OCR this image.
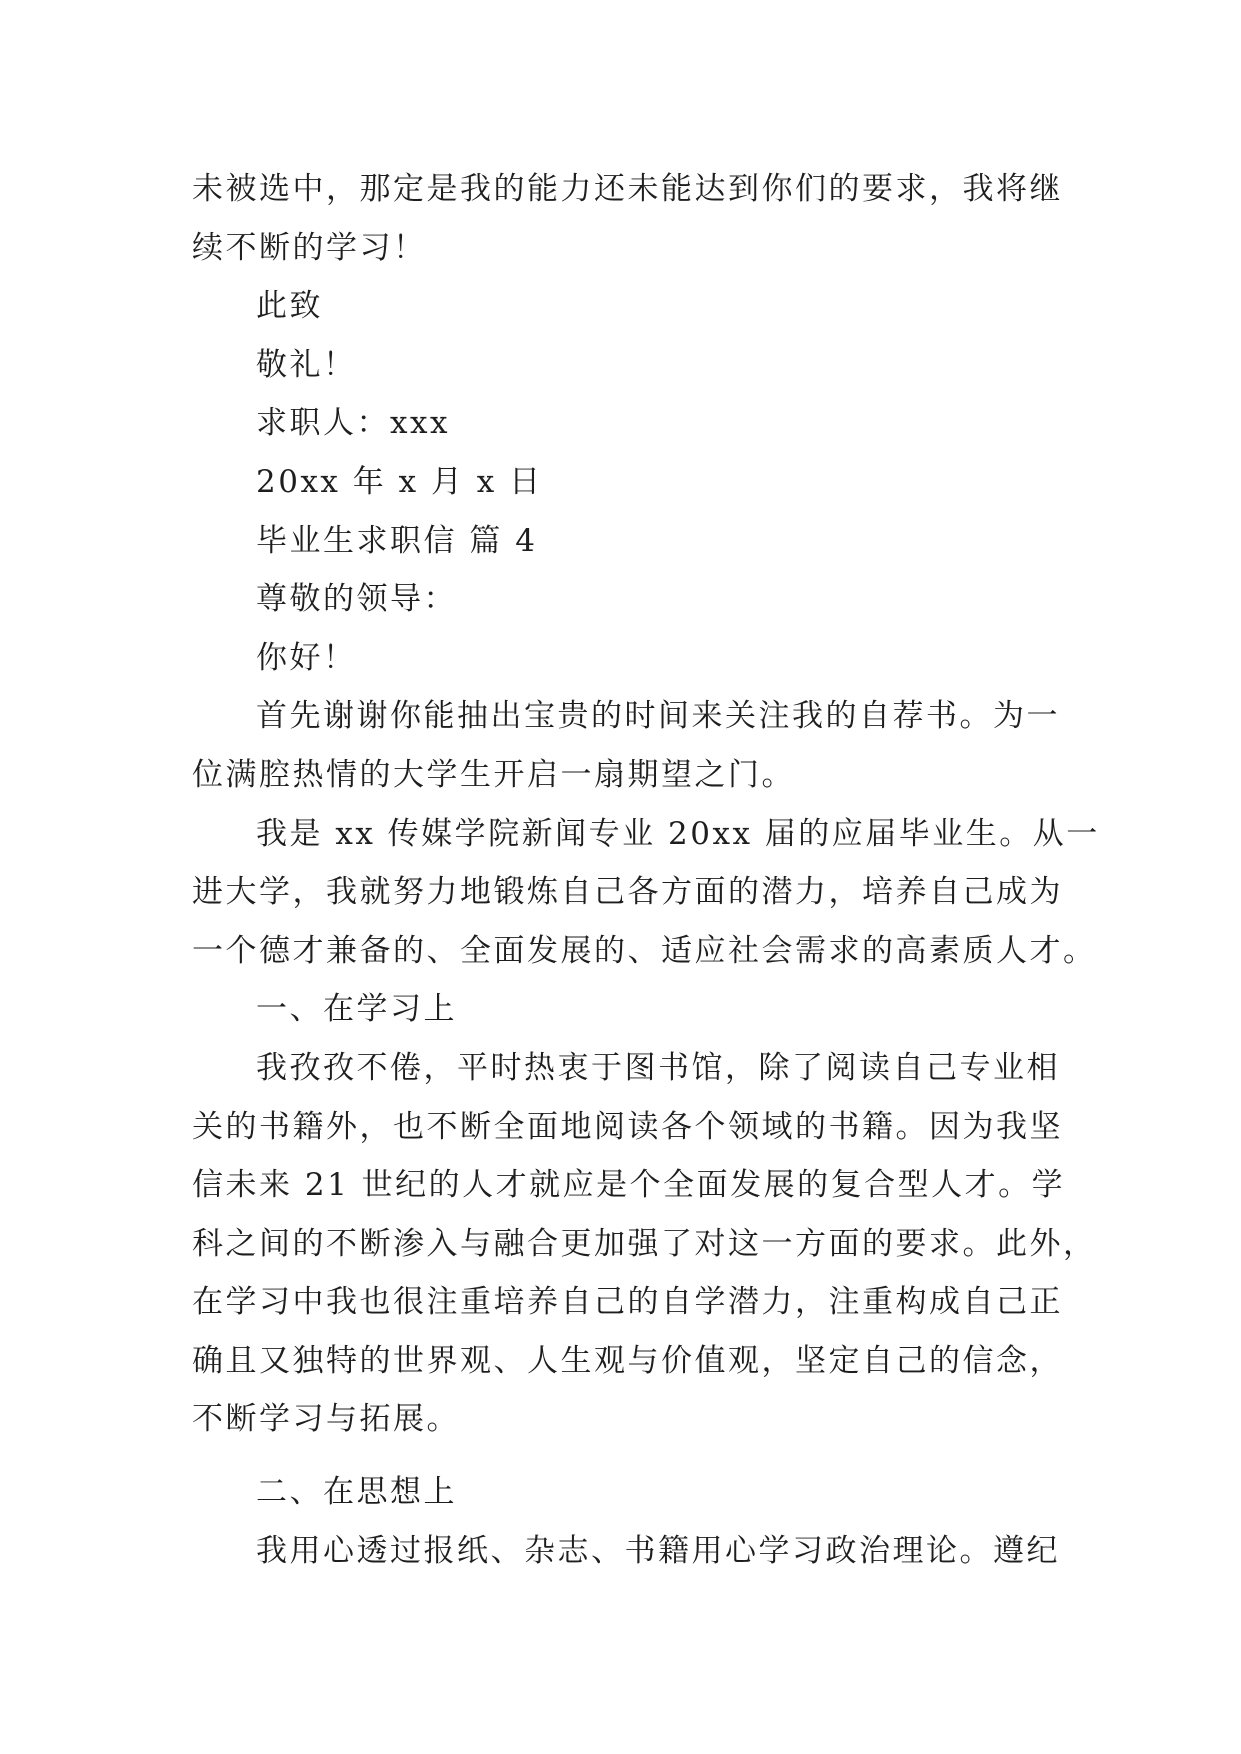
未被选中，那定是我的能力还未能达到你们的要求，我将继
续不断的学习！
此致
敬礼！
求职人：xxx
20xx 年 x 月 x 日
毕业生求职信 篇 4
尊敬的领导：
你好！
首先谢谢你能抽出宝贵的时间来关注我的自荐书。为一
位满腔热情的大学生开启一扇期望之门。
我是 xx 传媒学院新闻专业 20xx 届的应届毕业生。从一
进大学，我就努力地锻炼自己各方面的潜力，培养自己成为
一个德才兼备的、全面发展的、适应社会需求的高素质人才。
一、在学习上
我孜孜不倦，平时热衷于图书馆，除了阅读自己专业相
关的书籍外，也不断全面地阅读各个领域的书籍。因为我坚
信未来 21 世纪的人才就应是个全面发展的复合型人才。学
科之间的不断渗入与融合更加强了对这一方面的要求。此外，
在学习中我也很注重培养自己的自学潜力，注重构成自己正
确且又独特的世界观、人生观与价值观，坚定自己的信念，
不断学习与拓展。
二、在思想上
我用心透过报纸、杂志、书籍用心学习政治理论。遵纪
